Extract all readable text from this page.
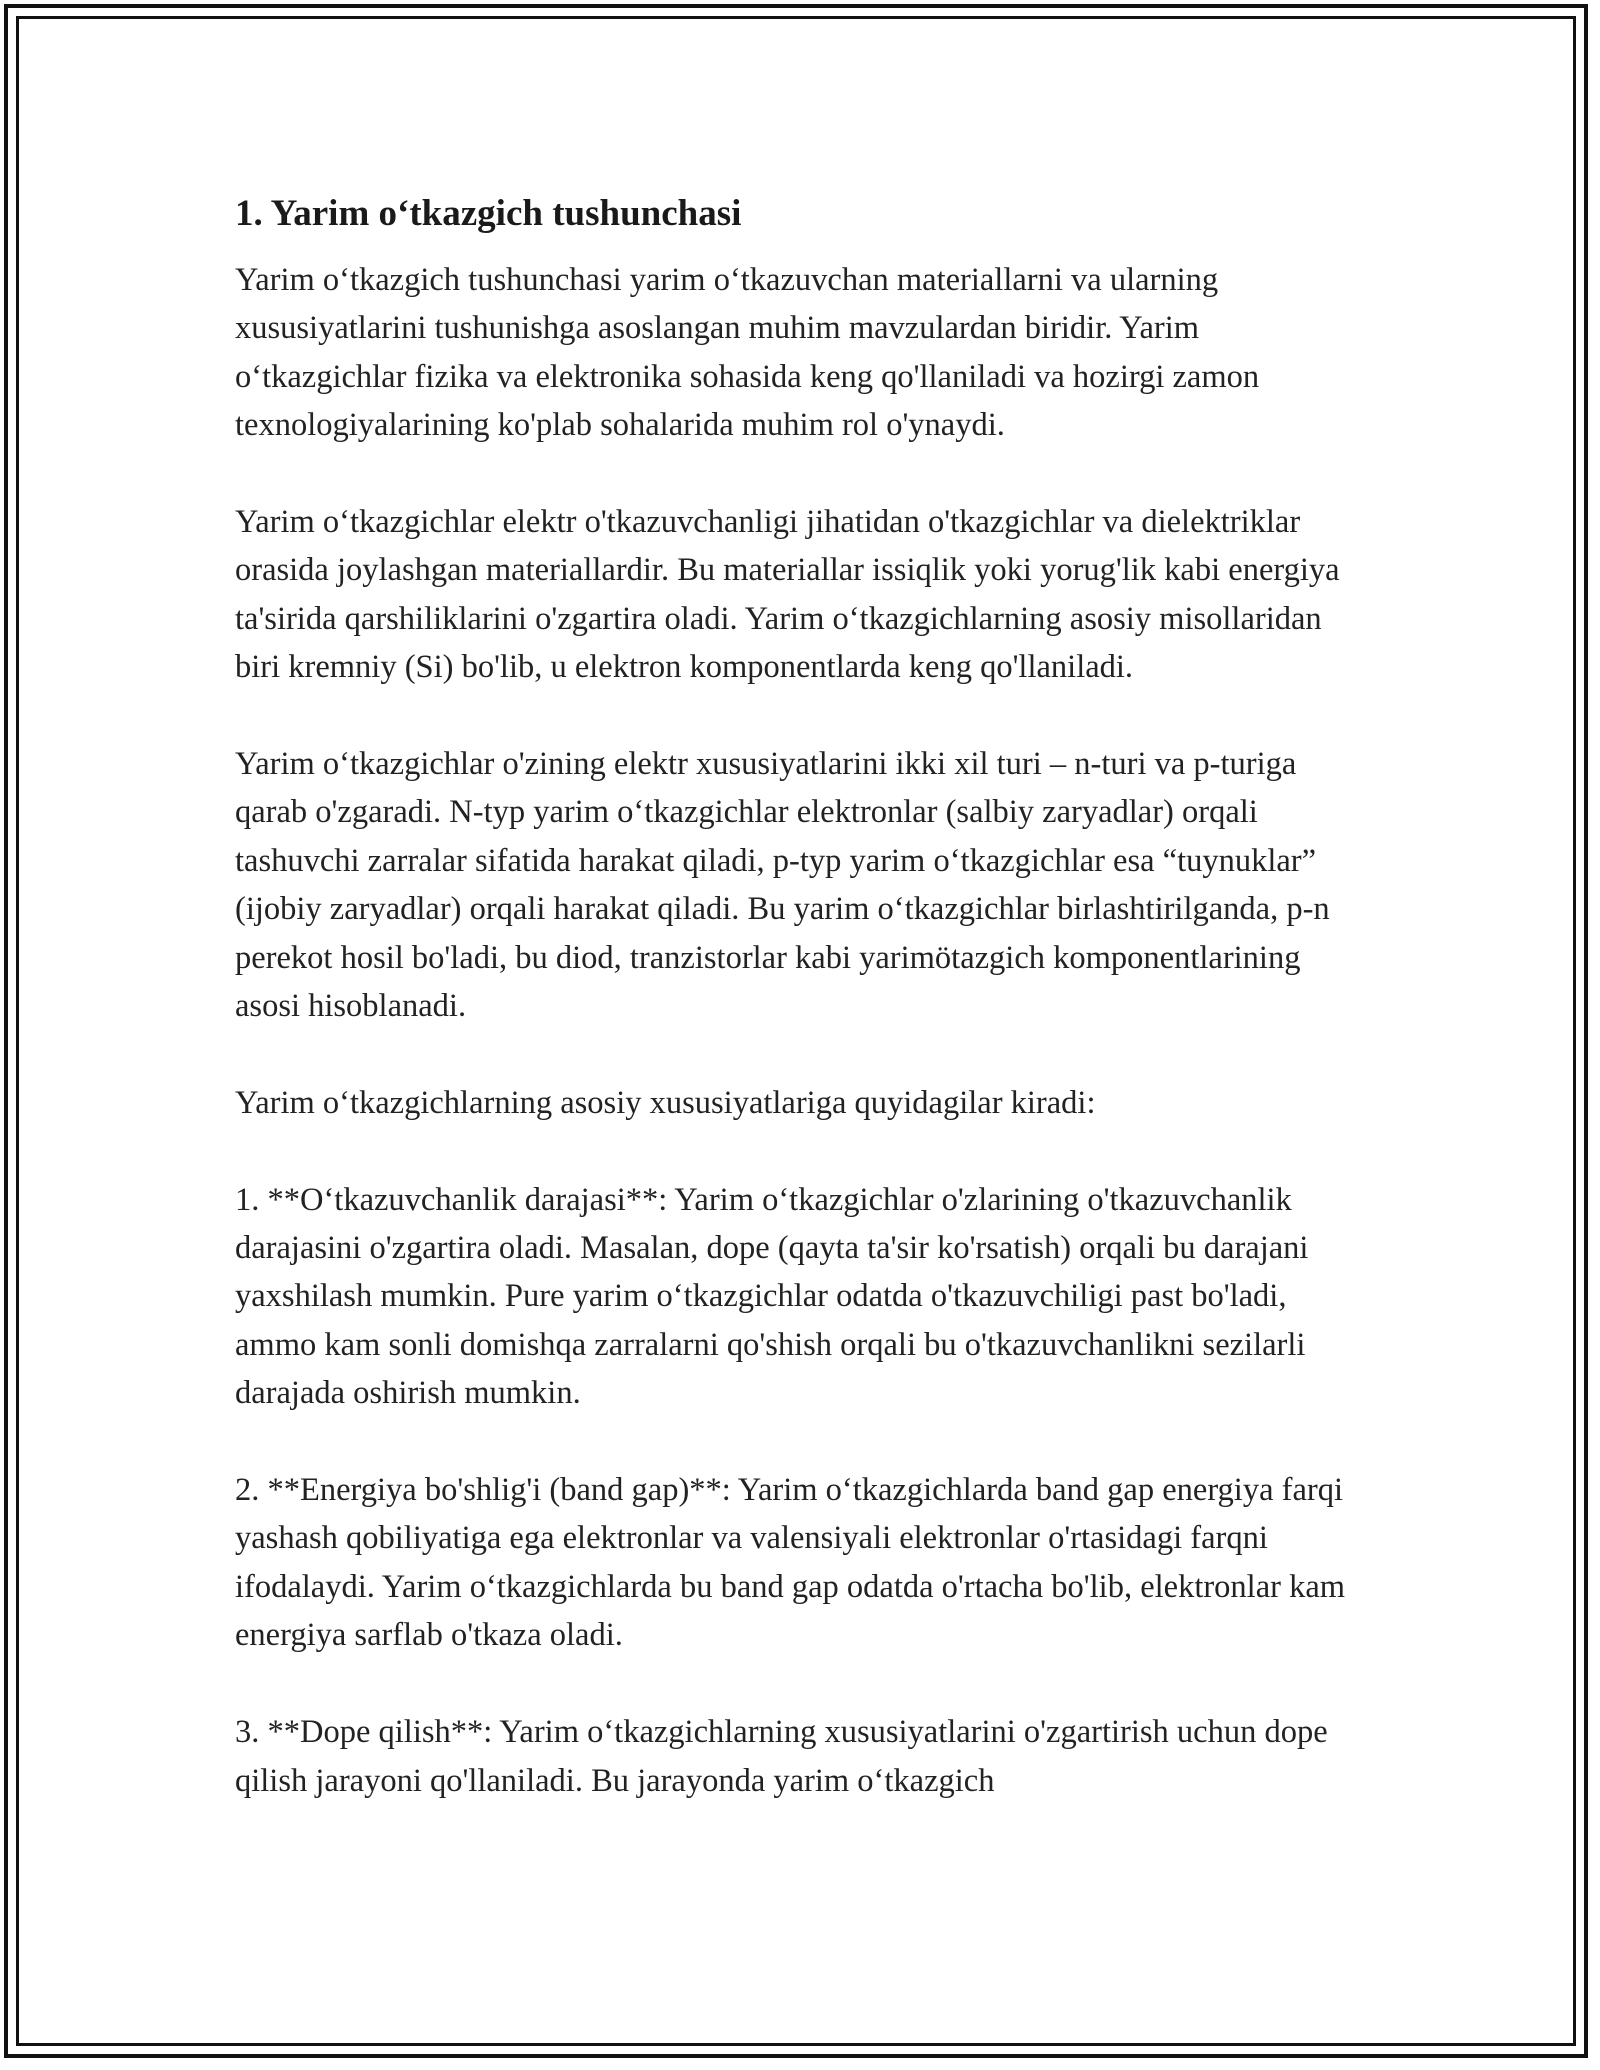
1. Yarim o‘tkazgich tushunchasi

Yarim o‘tkazgich tushunchasi yarim o‘tkazuvchan materiallarni va ularning xususiyatlarini tushunishga asoslangan muhim mavzulardan biridir. Yarim o‘tkazgichlar fizika va elektronika sohasida keng qo'llaniladi va hozirgi zamon texnologiyalarining ko'plab sohalarida muhim rol o'ynaydi.

Yarim o‘tkazgichlar elektr o'tkazuvchanligi jihatidan o'tkazgichlar va dielektriklar orasida joylashgan materiallardir. Bu materiallar issiqlik yoki yorug'lik kabi energiya ta'sirida qarshiliklarini o'zgartira oladi. Yarim o‘tkazgichlarning asosiy misollaridan biri kremniy (Si) bo'lib, u elektron komponentlarda keng qo'llaniladi.

Yarim o‘tkazgichlar o'zining elektr xususiyatlarini ikki xil turi – n-turi va p-turiga qarab o'zgaradi. N-typ yarim o‘tkazgichlar elektronlar (salbiy zaryadlar) orqali tashuvchi zarralar sifatida harakat qiladi, p-typ yarim o‘tkazgichlar esa “tuynuklar” (ijobiy zaryadlar) orqali harakat qiladi. Bu yarim o‘tkazgichlar birlashtirilganda, p-n perekot hosil bo'ladi, bu diod, tranzistorlar kabi yarimötazgich komponentlarining asosi hisoblanadi.

Yarim o‘tkazgichlarning asosiy xususiyatlariga quyidagilar kiradi:

1. **O‘tkazuvchanlik darajasi**: Yarim o‘tkazgichlar o'zlarining o'tkazuvchanlik darajasini o'zgartira oladi. Masalan, dope (qayta ta'sir ko'rsatish) orqali bu darajani yaxshilash mumkin. Pure yarim o‘tkazgichlar odatda o'tkazuvchiligi past bo'ladi, ammo kam sonli domishqa zarralarni qo'shish orqali bu o'tkazuvchanlikni sezilarli darajada oshirish mumkin.

2. **Energiya bo'shlig'i (band gap)**: Yarim o‘tkazgichlarda band gap energiya farqi yashash qobiliyatiga ega elektronlar va valensiyali elektronlar o'rtasidagi farqni ifodalaydi. Yarim o‘tkazgichlarda bu band gap odatda o'rtacha bo'lib, elektronlar kam energiya sarflab o'tkaza oladi.

3. **Dope qilish**: Yarim o‘tkazgichlarning xususiyatlarini o'zgartirish uchun dope qilish jarayoni qo'llaniladi. Bu jarayonda yarim o‘tkazgich
